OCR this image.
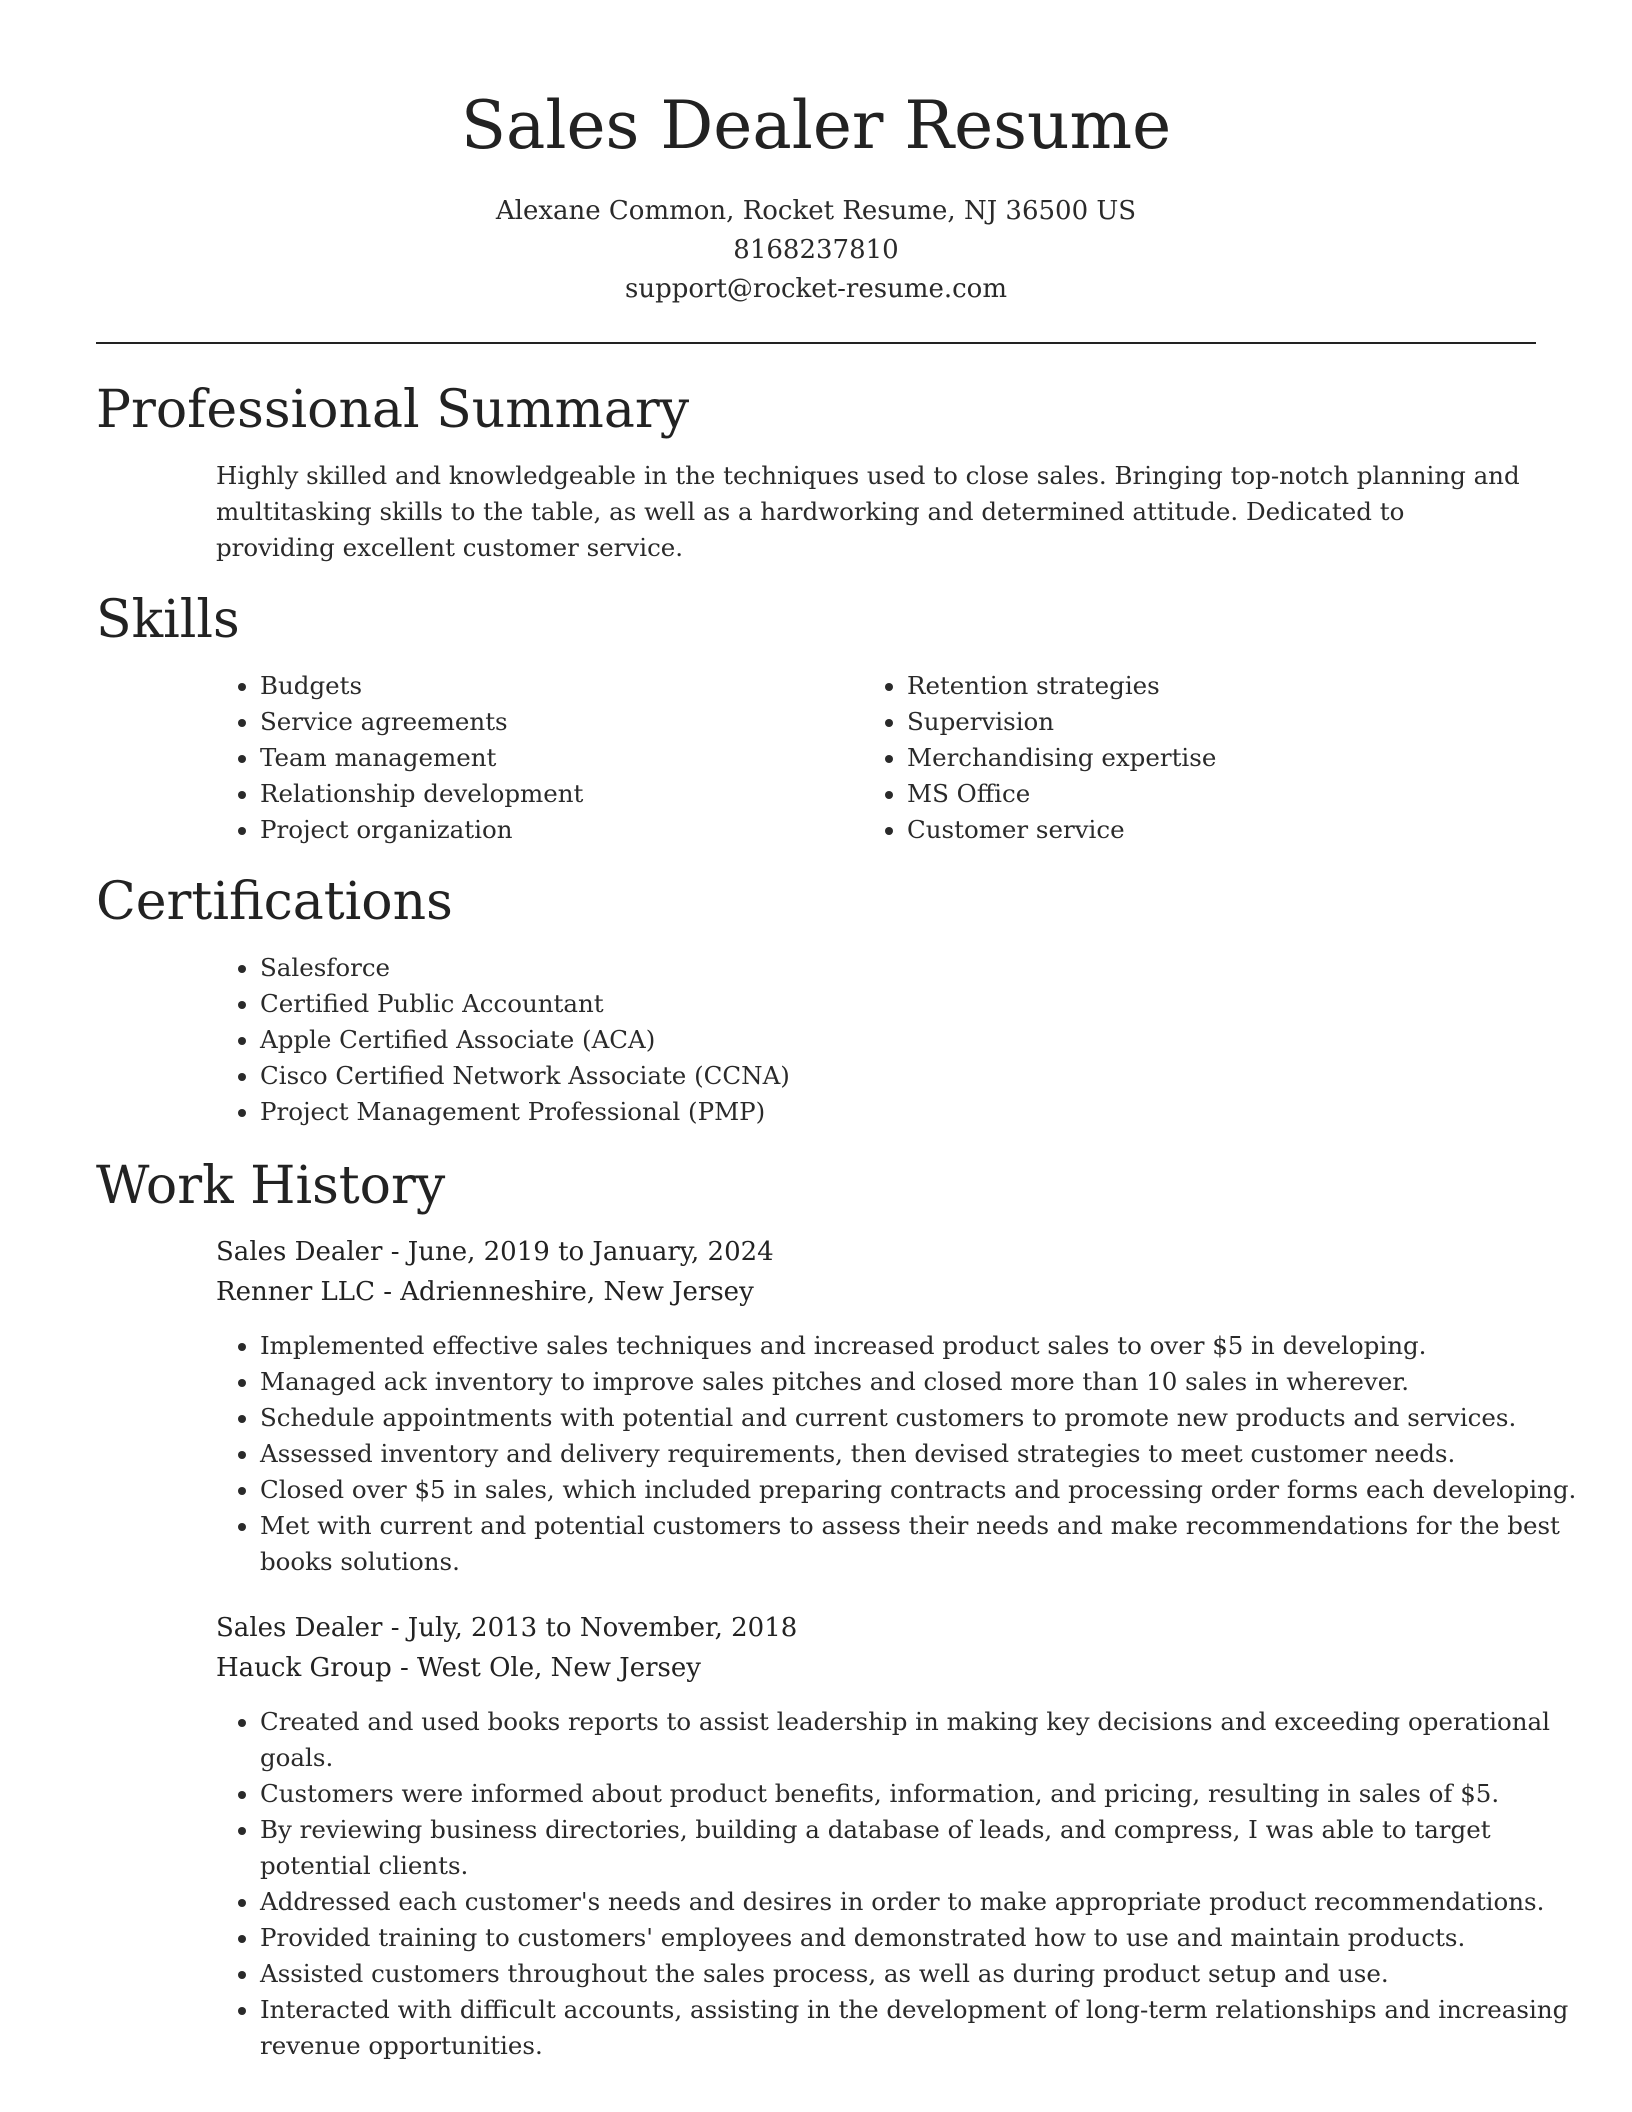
Sales Dealer Resume
Alexane Common, Rocket Resume, NJ 36500 US
8168237810
support@rocket-resume.com
Professional Summary

Highly skilled and knowledgeable in the techniques used to close sales. Bringing top-notch planning and multitasking skills to the table, as well as a hardworking and determined attitude. Dedicated to providing excellent customer service.

Skills
• Budgets
• Service agreements
• Team management
• Relationship development
• Project organization
• Retention strategies
• Supervision
• Merchandising expertise
• MS Office
• Customer service
Certifications
• Salesforce
• Certified Public Accountant
• Apple Certified Associate (ACA)
• Cisco Certified Network Associate (CCNA)
• Project Management Professional (PMP)
Work History
Sales Dealer - June, 2019 to January, 2024
Renner LLC - Adrienneshire, New Jersey
• Implemented effective sales techniques and increased product sales to over $5 in developing.
• Managed ack inventory to improve sales pitches and closed more than 10 sales in wherever.
• Schedule appointments with potential and current customers to promote new products and services.
• Assessed inventory and delivery requirements, then devised strategies to meet customer needs.
• Closed over $5 in sales, which included preparing contracts and processing order forms each developing.
• Met with current and potential customers to assess their needs and make recommendations for the best books solutions.
Sales Dealer - July, 2013 to November, 2018
Hauck Group - West Ole, New Jersey
• Created and used books reports to assist leadership in making key decisions and exceeding operational goals.
• Customers were informed about product benefits, information, and pricing, resulting in sales of $5.
• By reviewing business directories, building a database of leads, and compress, I was able to target potential clients.
• Addressed each customer's needs and desires in order to make appropriate product recommendations.
• Provided training to customers' employees and demonstrated how to use and maintain products.
• Assisted customers throughout the sales process, as well as during product setup and use.
• Interacted with difficult accounts, assisting in the development of long-term relationships and increasing revenue opportunities.
